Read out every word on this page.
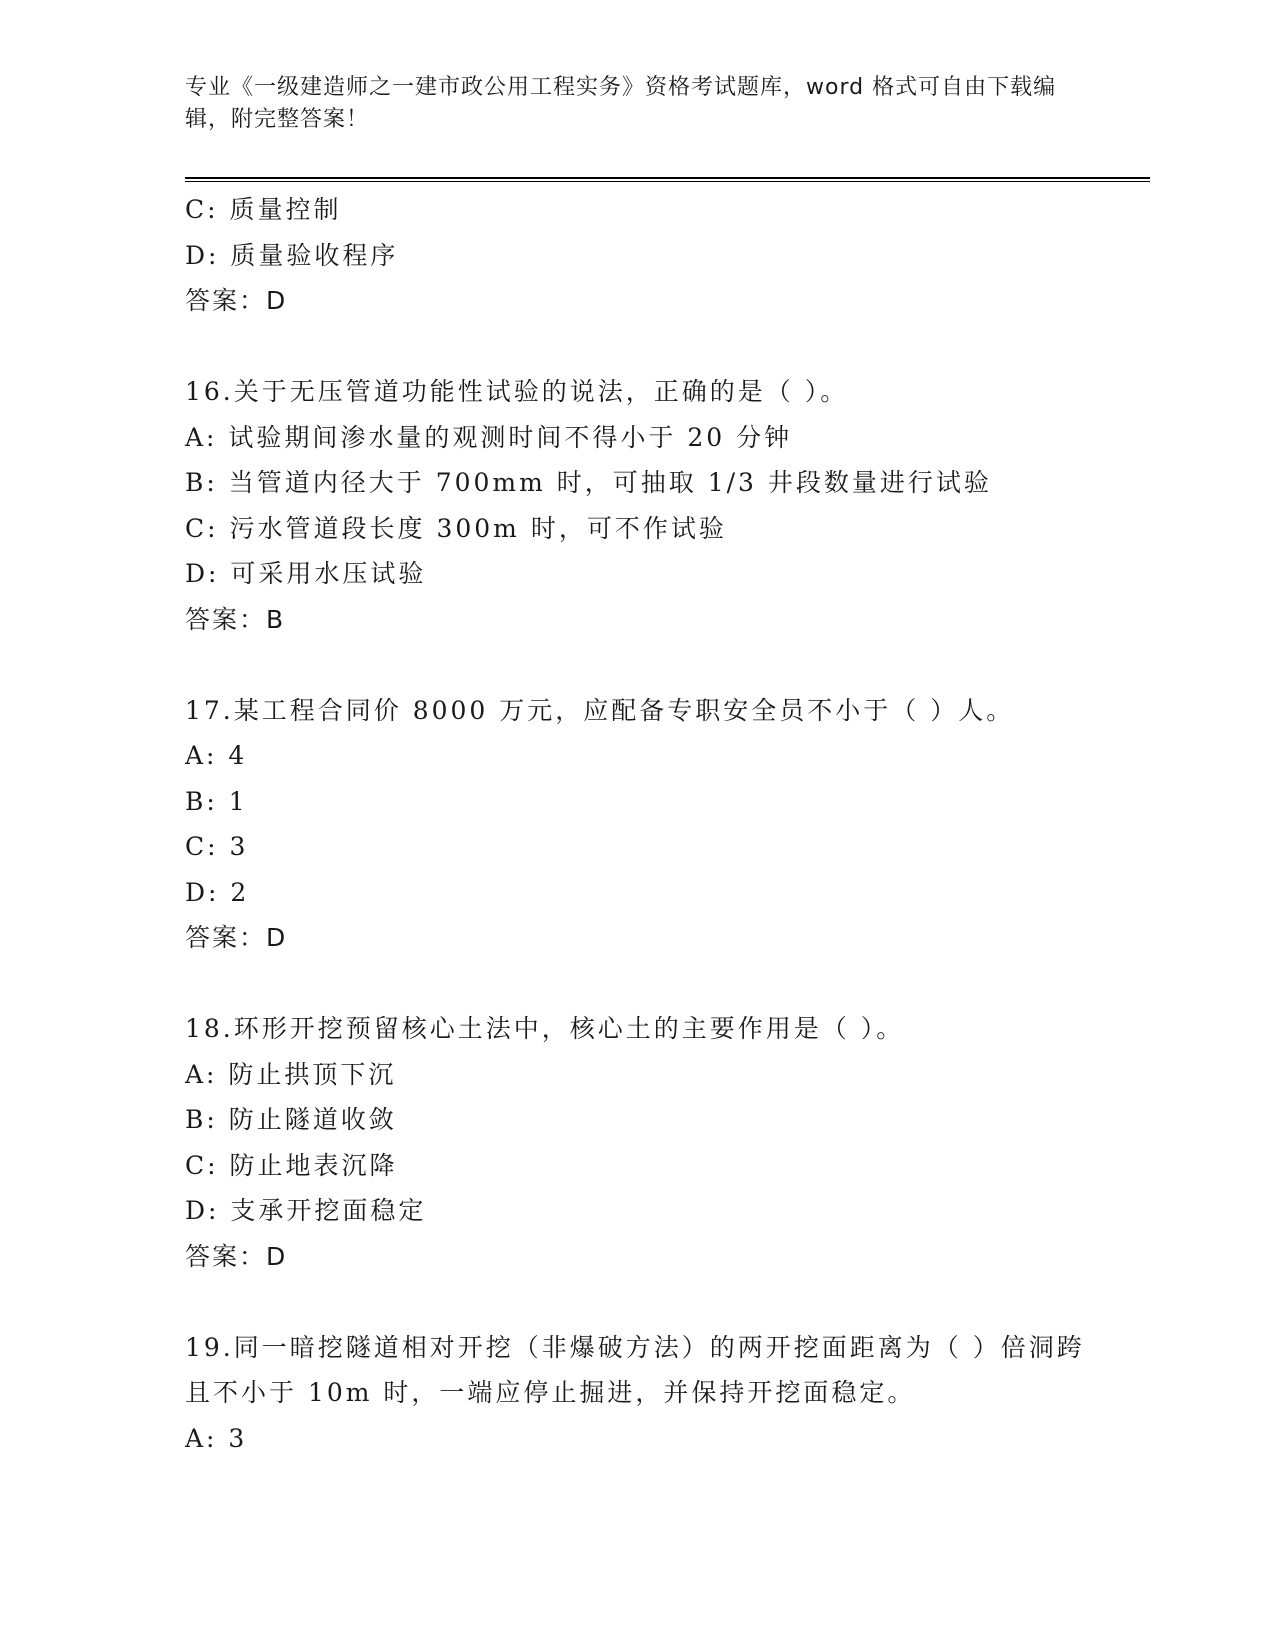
专业《一级建造师之一建市政公用工程实务》资格考试题库，word 格式可自由下载编辑，附完整答案！
C: 质量控制
D: 质量验收程序
答案：D
16.关于无压管道功能性试验的说法，正确的是（ ）。
A: 试验期间渗水量的观测时间不得小于 20 分钟
B: 当管道内径大于 700mm 时，可抽取 1/3 井段数量进行试验
C: 污水管道段长度 300m 时，可不作试验
D: 可采用水压试验
答案：B
17.某工程合同价 8000 万元，应配备专职安全员不小于（ ）人。
A: 4
B: 1
C: 3
D: 2
答案：D
18.环形开挖预留核心土法中，核心土的主要作用是（ ）。
A: 防止拱顶下沉
B: 防止隧道收敛
C: 防止地表沉降
D: 支承开挖面稳定
答案：D
19.同一暗挖隧道相对开挖（非爆破方法）的两开挖面距离为（ ）倍洞跨且不小于 10m 时，一端应停止掘进，并保持开挖面稳定。
A: 3
